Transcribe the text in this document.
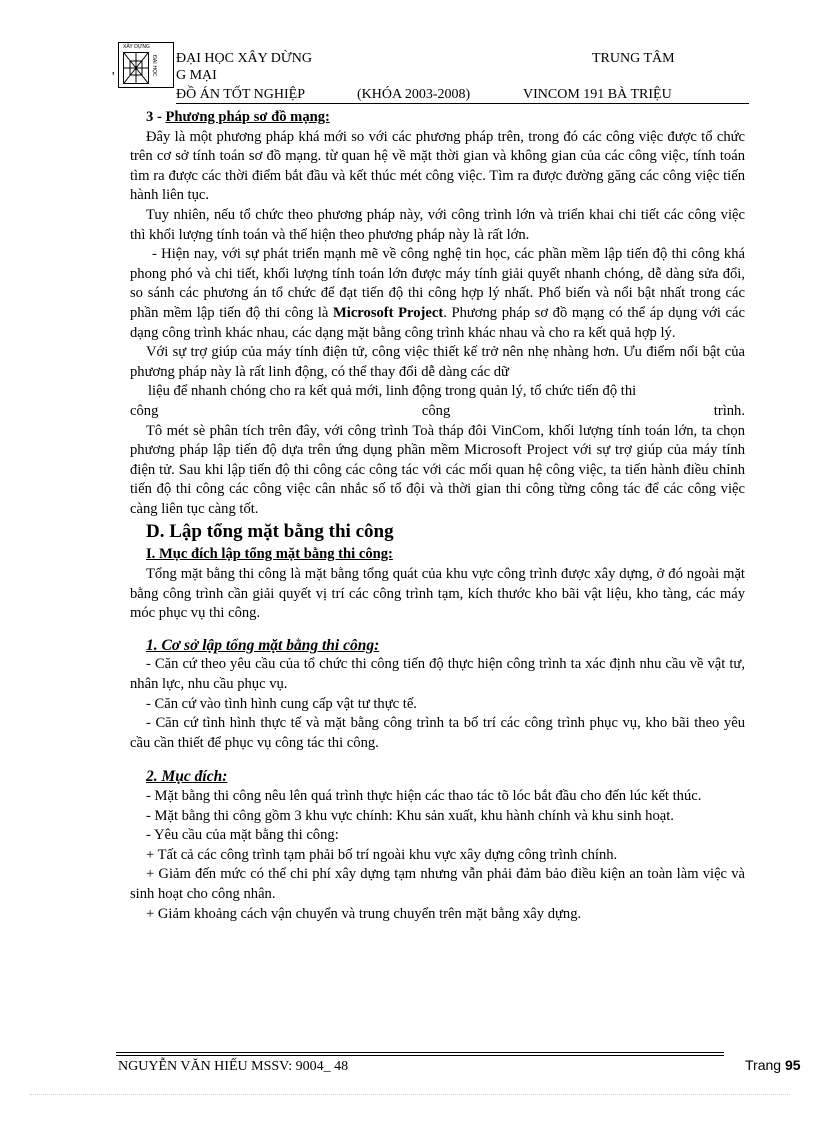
XÂY DỰNG
ĐẠI HỌC
'
ĐẠI HỌC XÂY DỪNG	TRUNG TÂM
G MẠI
ĐỒ ÁN TỐT NGHIỆP	(KHÓA 2003-2008)	VINCOM 191 BÀ TRIỆU

3 - Phương pháp sơ đồ mạng:

Đây là một phương pháp khá mới so với các phương pháp trên, trong đó các công việc được tổ chức trên cơ sở tính toán sơ đồ mạng. từ quan hệ về mặt thời gian và không gian của các công việc, tính toán tìm ra được các thời điểm bắt đầu và kết thúc mét công việc. Tìm ra được đường găng các công việc tiến hành liên tục.

Tuy nhiên, nếu tổ chức theo phương pháp này, với công trình lớn và triển khai chi tiết các công việc thì khối lượng tính toán và thể hiện theo phương pháp này là rất lớn.

- Hiện nay, với sự phát triển mạnh mẽ về công nghệ tin học, các phần mềm lập tiến độ thi công khá phong phó và chi tiết, khối lượng tính toán lớn được máy tính giải quyết nhanh chóng, dễ dàng sửa đổi, so sánh các phương án tổ chức để đạt tiến độ thi công hợp lý nhất. Phổ biến và nổi bật nhất trong các phần mềm lập tiến độ thi công là Microsoft Project. Phương pháp sơ đồ mạng có thể áp dụng với các dạng công trình khác nhau, các dạng mặt bằng công trình khác nhau và cho ra kết quả hợp lý.

Với sự trợ giúp của máy tính điện tử, công việc thiết kế trở nên nhẹ nhàng hơn. Ưu điểm nổi bật của phương pháp này là rất linh động, có thể thay đổi dễ dàng các dữ

liệu để nhanh chóng cho ra kết quả mới, linh động trong quản lý, tổ chức tiến độ thi

công công trình.

Tô mét sè phân tích trên đây, với công trình Toà tháp đôi VinCom, khối lượng tính toán lớn, ta chọn phương pháp lập tiến độ dựa trên ứng dụng phần mềm Microsoft Project với sự trợ giúp của máy tính điện tử. Sau khi lập tiến độ thi công các công tác với các mối quan hệ công việc, ta tiến hành điều chỉnh tiến độ thi công các công việc cân nhắc số tổ đội và thời gian thi công từng công tác để các công việc càng liên tục càng tốt.

D. Lập tổng mặt bằng thi công

I. Mục đích lập tổng mặt bằng thi công:

Tổng mặt bằng thi công là mặt bằng tổng quát của khu vực công trình được xây dựng, ở đó ngoài mặt bằng công trình cần giải quyết vị trí các công trình tạm, kích thước kho bãi vật liệu, kho tàng, các máy móc phục vụ thi công.

1. Cơ sở lập tổng mặt bằng thi công:

- Căn cứ theo yêu cầu của tổ chức thi công tiến độ thực hiện công trình ta xác định nhu cầu về vật tư, nhân lực, nhu cầu phục vụ.

- Căn cứ vào tình hình cung cấp vật tư thực tế.

- Căn cứ tình hình thực tế và mặt bằng công trình ta bố trí các công trình phục vụ, kho bãi theo yêu cầu cần thiết để phục vụ công tác thi công.

2. Mục đích:

- Mặt bằng thi công nêu lên quá trình thực hiện các thao tác tõ lóc bắt đầu cho đến lúc kết thúc.

- Mặt bằng thi công gồm 3 khu vực chính: Khu sản xuất, khu hành chính và khu sinh hoạt.

- Yêu cầu của mặt bằng thi công:

+ Tất cả các công trình tạm phải bố trí ngoài khu vực xây dựng công trình chính.

+ Giảm đến mức có thể chi phí xây dựng tạm nhưng vẫn phải đảm bảo điều kiện an toàn làm việc và sinh hoạt cho công nhân.

+ Giảm khoảng cách vận chuyển và trung chuyển trên mặt bằng xây dựng.

NGUYỄN VĂN HIẾU MSSV: 9004_ 48	Trang 95
